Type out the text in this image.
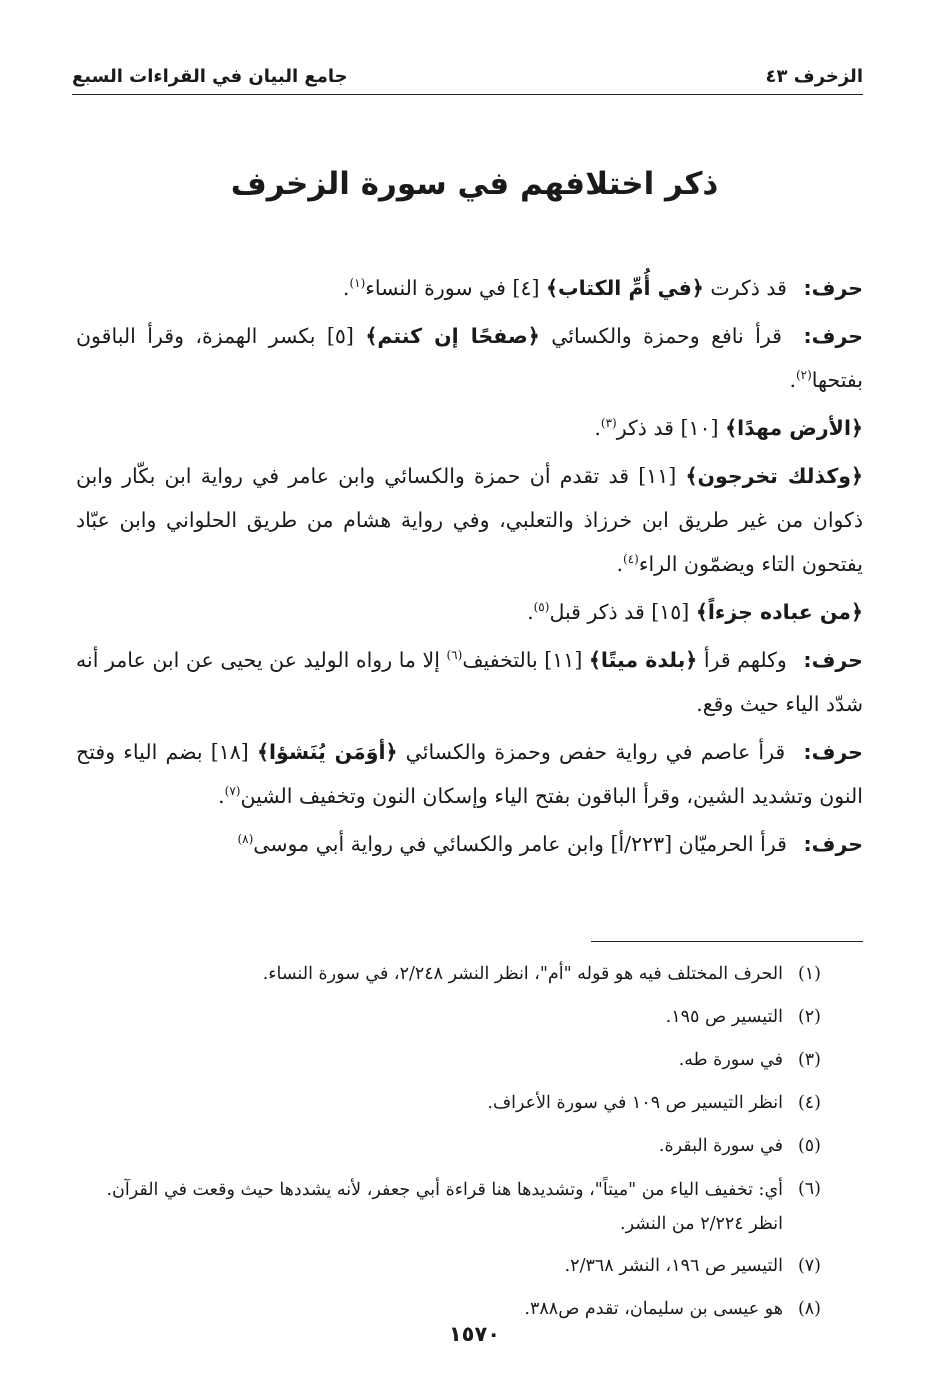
الزخرف ٤٣
جامع البيان في القراءات السبع
ذكر اختلافهم في سورة الزخرف

حرف: قد ذكرت ﴿في أُمِّ الكتاب﴾ [٤] في سورة النساء$^{(١)}$.

حرف: قرأ نافع وحمزة والكسائي ﴿صفحًا إن كنتم﴾ [٥] بكسر الهمزة، وقرأ الباقون بفتحها$^{(٢)}$.

﴿الأرض مهدًا﴾ [١٠] قد ذكر$^{(٣)}$.

﴿وكذلك تخرجون﴾ [١١] قد تقدم أن حمزة والكسائي وابن عامر في رواية ابن بكّار وابن ذكوان من غير طريق ابن خرزاذ والتعلبي، وفي رواية هشام من طريق الحلواني وابن عبّاد يفتحون التاء ويضمّون الراء$^{(٤)}$.

﴿من عباده جزءاً﴾ [١٥] قد ذكر قبل$^{(٥)}$.

حرف: وكلهم قرأ ﴿بلدة ميتًا﴾ [١١] بالتخفيف$^{(٦)}$ إلا ما رواه الوليد عن يحيى عن ابن عامر أنه شدّد الياء حيث وقع.

حرف: قرأ عاصم في رواية حفص وحمزة والكسائي ﴿أوَمَن يُنَشؤا﴾ [١٨] بضم الياء وفتح النون وتشديد الشين، وقرأ الباقون بفتح الياء وإسكان النون وتخفيف الشين$^{(٧)}$.

حرف: قرأ الحرميّان [٢٢٣/أ] وابن عامر والكسائي في رواية أبي موسى$^{(٨)}$

(١)
الحرف المختلف فيه هو قوله "أم"، انظر النشر ٢/٢٤٨، في سورة النساء.
(٢)
التيسير ص ١٩٥.
(٣)
في سورة طه.
(٤)
انظر التيسير ص ١٠٩ في سورة الأعراف.
(٥)
في سورة البقرة.
(٦)
أي: تخفيف الياء من "ميتاً"، وتشديدها هنا قراءة أبي جعفر، لأنه يشددها حيث وقعت في القرآن. انظر ٢/٢٢٤ من النشر.
(٧)
التيسير ص ١٩٦، النشر ٢/٣٦٨.
(٨)
هو عيسى بن سليمان، تقدم ص٣٨٨.
١٥٧٠
